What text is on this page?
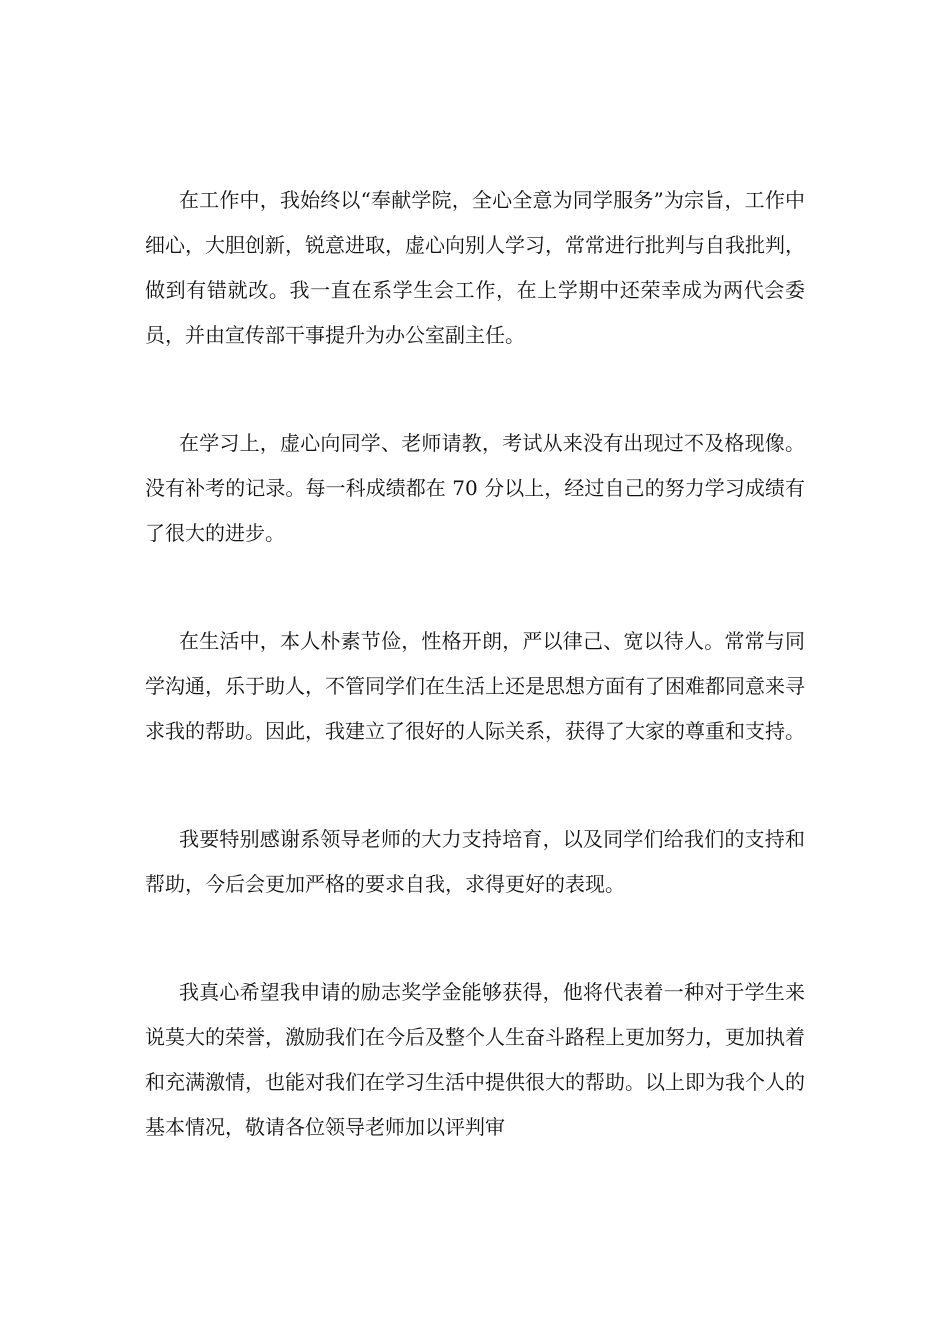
在工作中，我始终以“奉献学院，全心全意为同学服务”为宗旨，工作中细心，大胆创新，锐意进取，虚心向别人学习，常常进行批判与自我批判，做到有错就改。我一直在系学生会工作，在上学期中还荣幸成为两代会委员，并由宣传部干事提升为办公室副主任。

在学习上，虚心向同学、老师请教，考试从来没有出现过不及格现像。没有补考的记录。每一科成绩都在 70 分以上，经过自己的努力学习成绩有了很大的进步。

在生活中，本人朴素节俭，性格开朗，严以律己、宽以待人。常常与同学沟通，乐于助人，不管同学们在生活上还是思想方面有了困难都同意来寻求我的帮助。因此，我建立了很好的人际关系，获得了大家的尊重和支持。

我要特别感谢系领导老师的大力支持培育，以及同学们给我们的支持和帮助，今后会更加严格的要求自我，求得更好的表现。

我真心希望我申请的励志奖学金能够获得，他将代表着一种对于学生来说莫大的荣誉，激励我们在今后及整个人生奋斗路程上更加努力，更加执着和充满激情，也能对我们在学习生活中提供很大的帮助。以上即为我个人的基本情况，敬请各位领导老师加以评判审
